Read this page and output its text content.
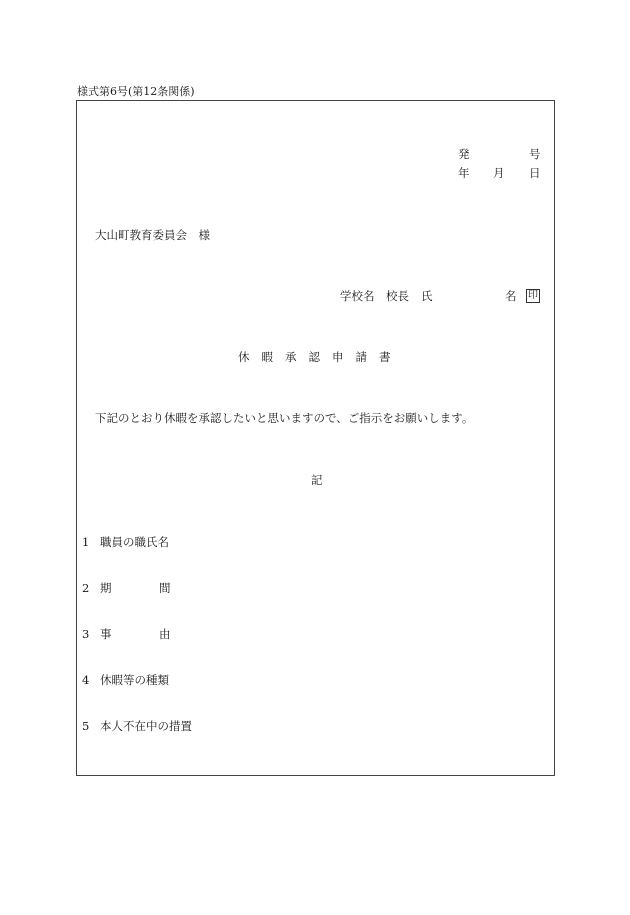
様式第6号(第12条関係)
発	号
年 月 日
大山町教育委員会　様
学校名 校長 氏	名 印
休暇承認申請書
下記のとおり休暇を承認したいと思いますので、ご指示をお願いします。
記
1 職員の職氏名
2 期	間
3 事	由
4 休暇等の種類
5 本人不在中の措置
